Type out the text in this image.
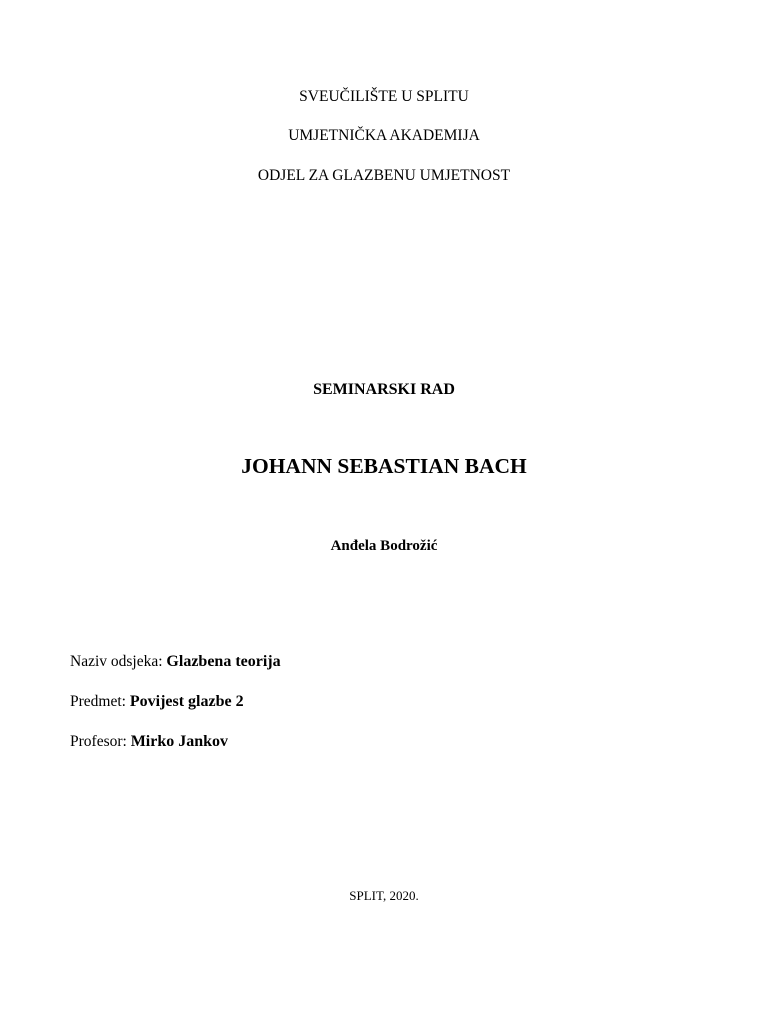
SVEUČILIŠTE U SPLITU
UMJETNIČKA AKADEMIJA
ODJEL ZA GLAZBENU UMJETNOST
SEMINARSKI RAD
JOHANN SEBASTIAN BACH
Anđela Bodrožić
Naziv odsjeka: Glazbena teorija
Predmet: Povijest glazbe 2
Profesor: Mirko Jankov
SPLIT, 2020.
